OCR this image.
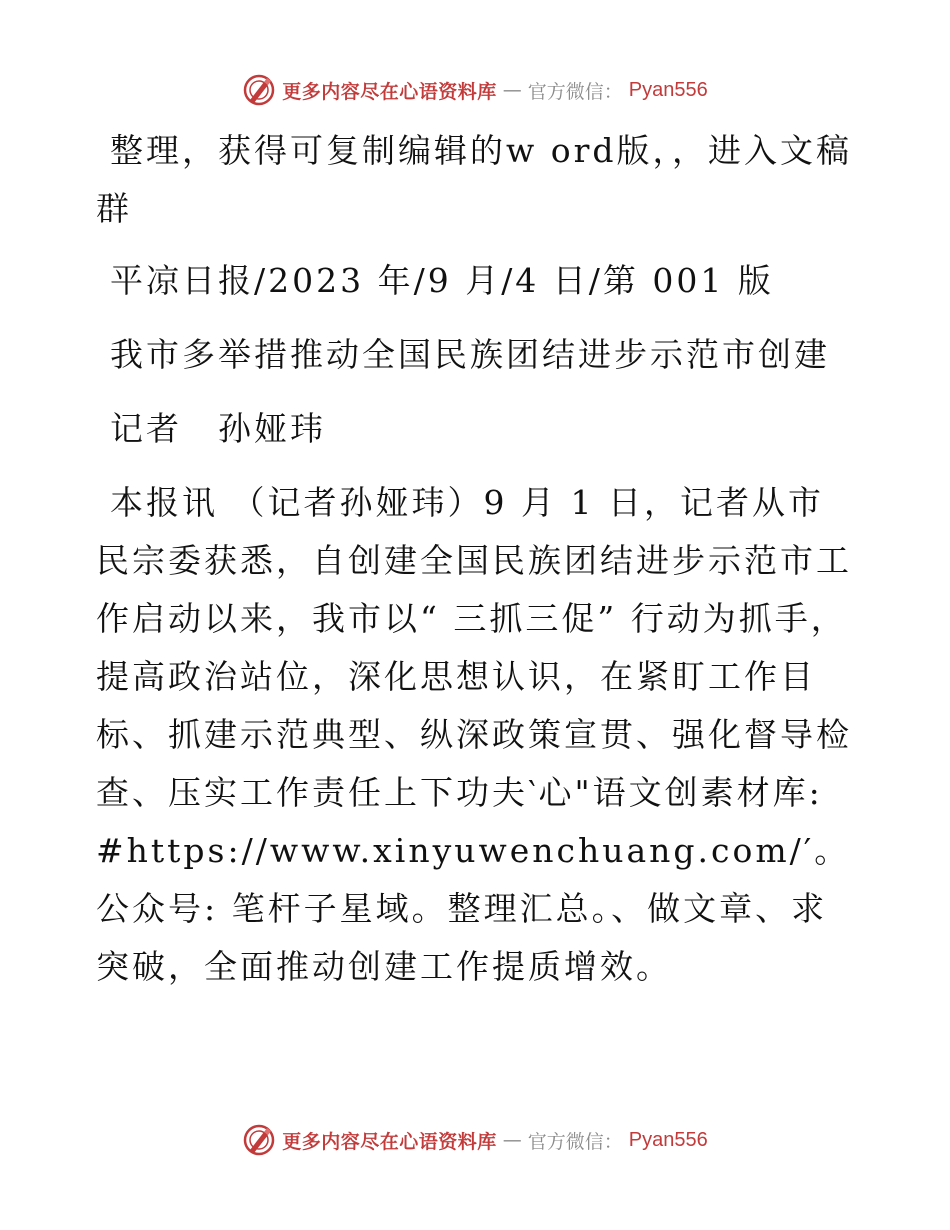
更多内容尽在心语资料库 — 官方微信： Pyan556

整理，获得可复制编辑的w ord版，，进入文稿群

平凉日报/2023 年/9 月/4 日/第 001 版

我市多举措推动全国民族团结进步示范市创建

记者　孙娅玮

本报讯 （记者孙娅玮）9 月 1 日，记者从市民宗委获悉，自创建全国民族团结进步示范市工作启动以来，我市以“ 三抓三促” 行动为抓手，提高政治站位，深化思想认识，在紧盯工作目标、抓建示范典型、纵深政策宣贯、强化督导检查、压实工作责任上下功夫‵心"语文创素材库: #https://www.xinyuwenchuang.com/′。公众号: 笔杆子星域。整理汇总。、做文章、求突破，全面推动创建工作提质增效。

更多内容尽在心语资料库 — 官方微信： Pyan556
